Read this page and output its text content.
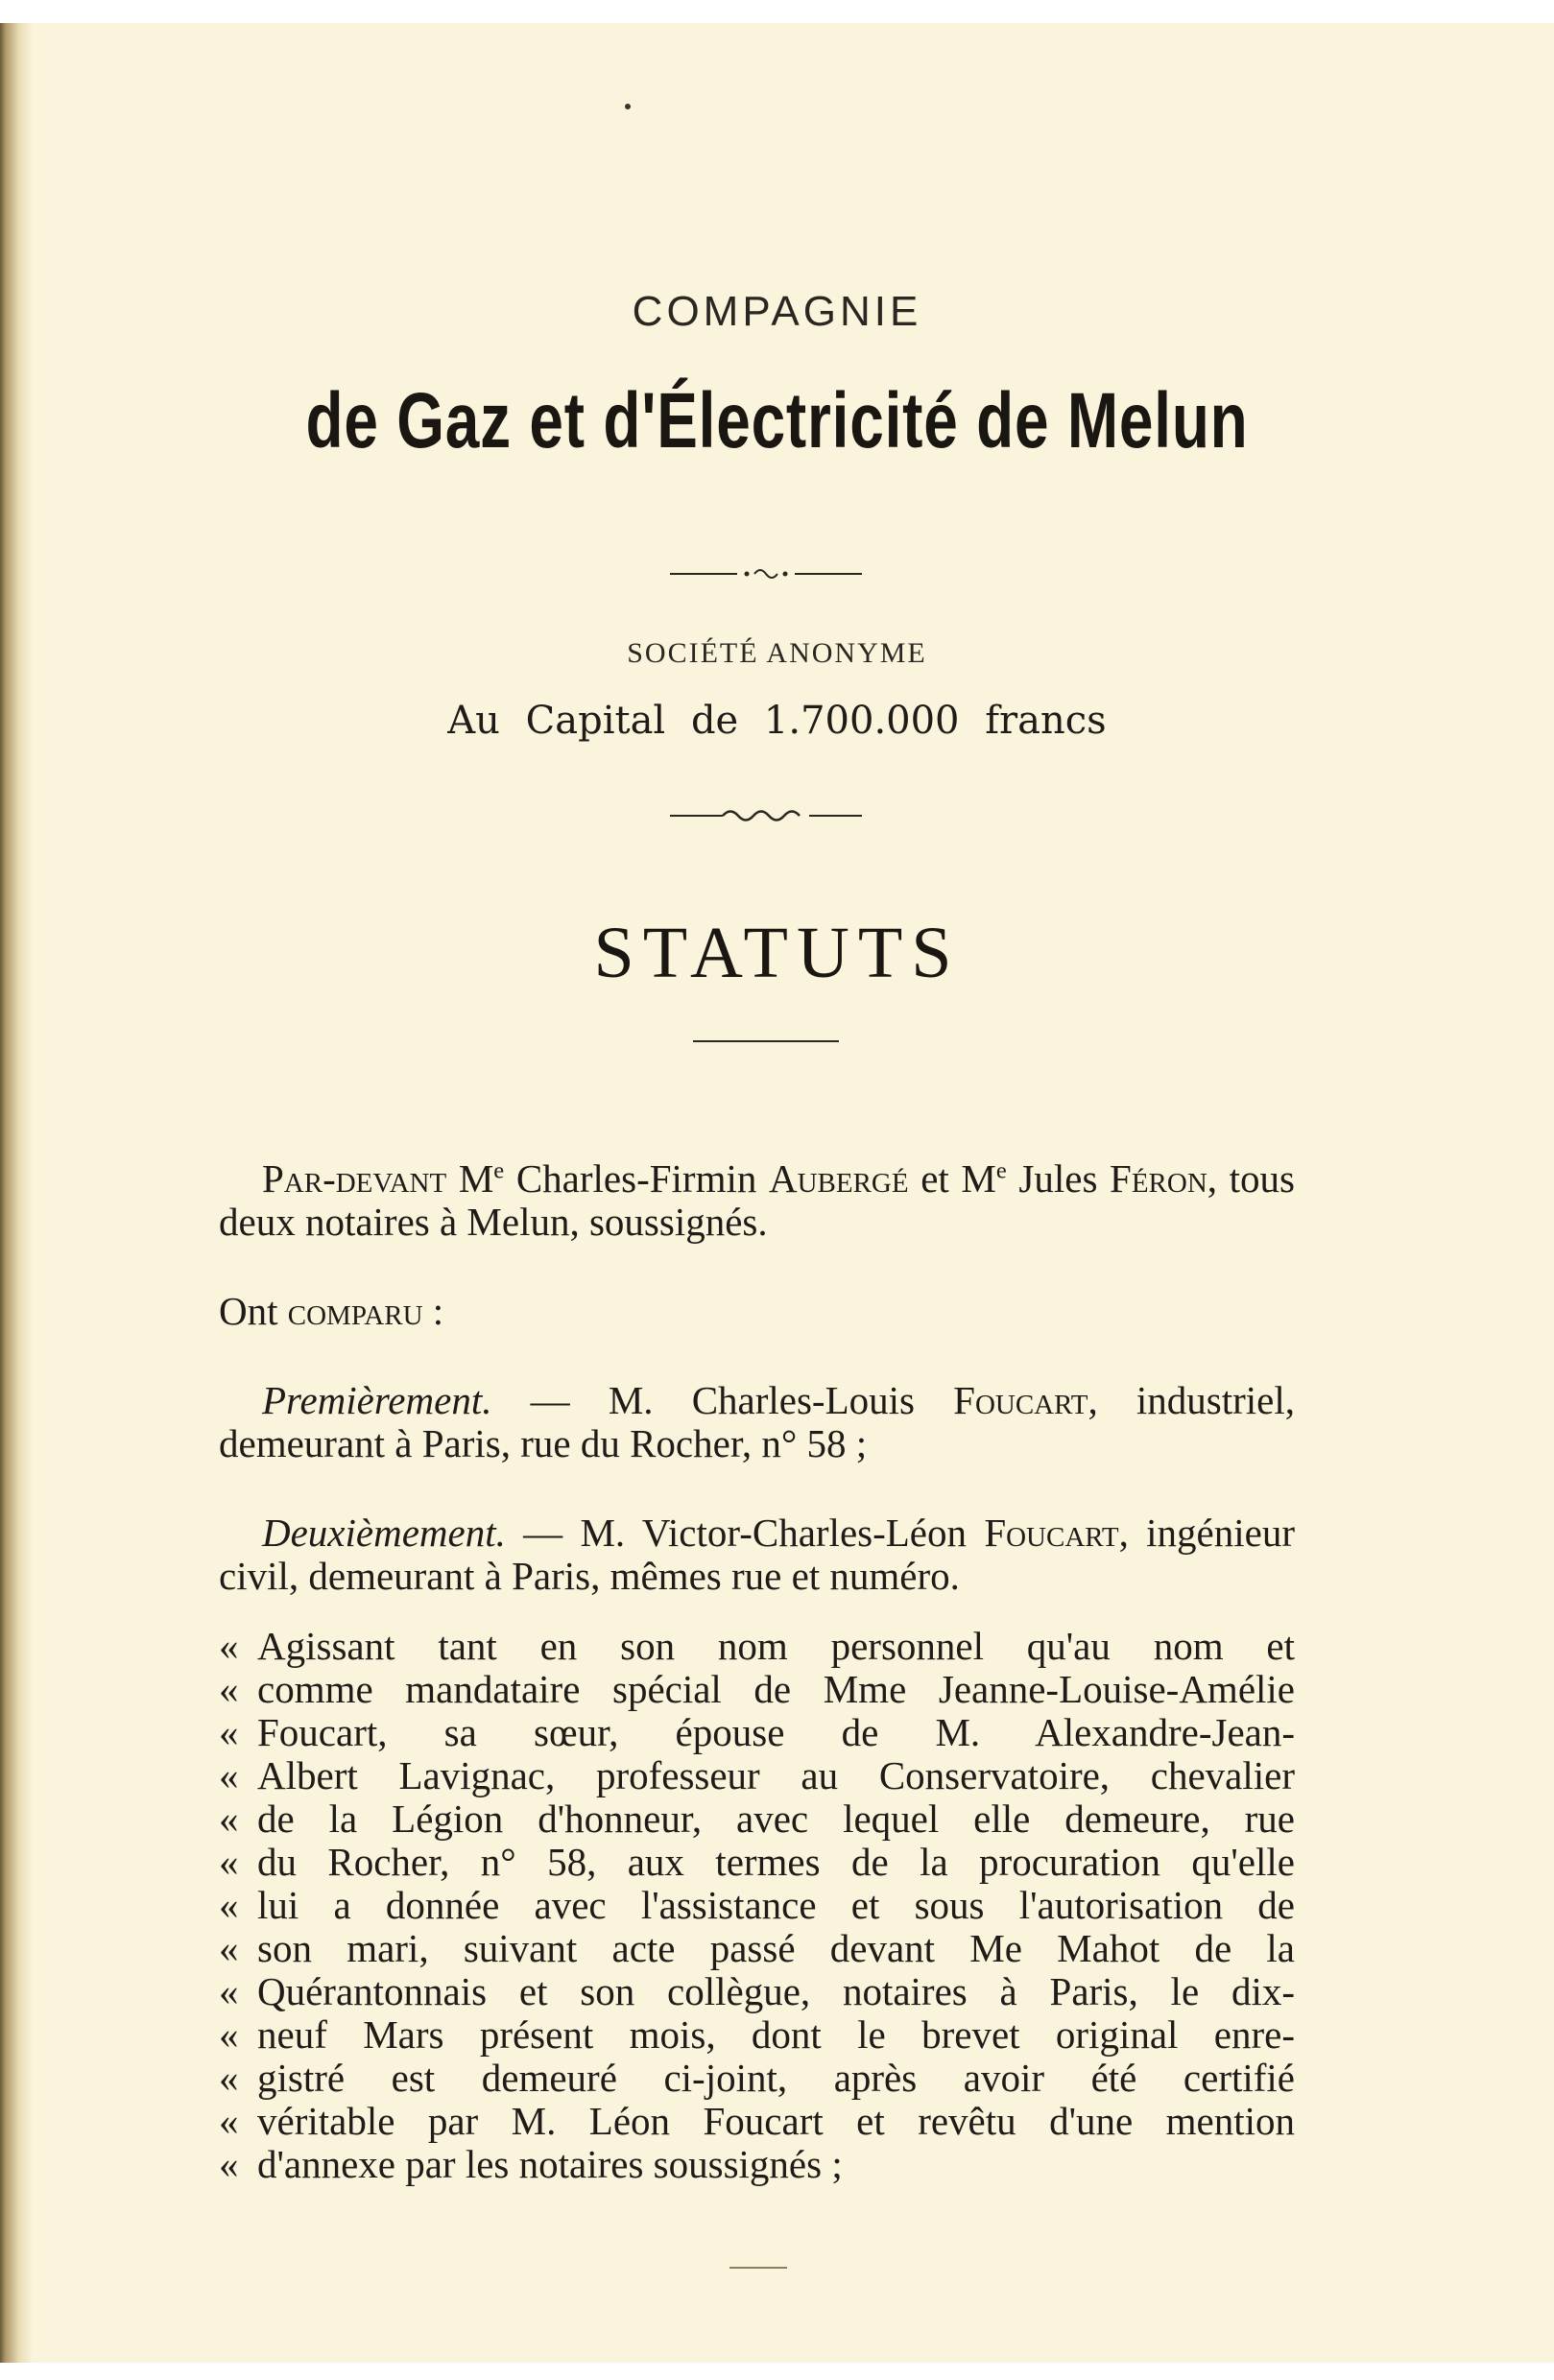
COMPAGNIE
de Gaz et d'Électricité de Melun
SOCIÉTÉ ANONYME
Au Capital de 1.700.000 francs
STATUTS

Par-devant Me Charles-Firmin Aubergé et Me Jules Féron, tous deux notaires à Melun, soussignés.

Ont comparu :

Premièrement. — M. Charles-Louis Foucart, industriel, demeurant à Paris, rue du Rocher, n° 58 ;

Deuxièmement. — M. Victor-Charles-Léon Foucart, ingénieur civil, demeurant à Paris, mêmes rue et numéro.

« Agissant tant en son nom personnel qu'au nom et
« comme mandataire spécial de Mme Jeanne-Louise-Amélie
« Foucart, sa sœur, épouse de M. Alexandre-Jean-
« Albert Lavignac, professeur au Conservatoire, chevalier
« de la Légion d'honneur, avec lequel elle demeure, rue
« du Rocher, n° 58, aux termes de la procuration qu'elle
« lui a donnée avec l'assistance et sous l'autorisation de
« son mari, suivant acte passé devant Me Mahot de la
« Quérantonnais et son collègue, notaires à Paris, le dix-
« neuf Mars présent mois, dont le brevet original enre-
« gistré est demeuré ci-joint, après avoir été certifié
« véritable par M. Léon Foucart et revêtu d'une mention
« d'annexe par les notaires soussignés ;
